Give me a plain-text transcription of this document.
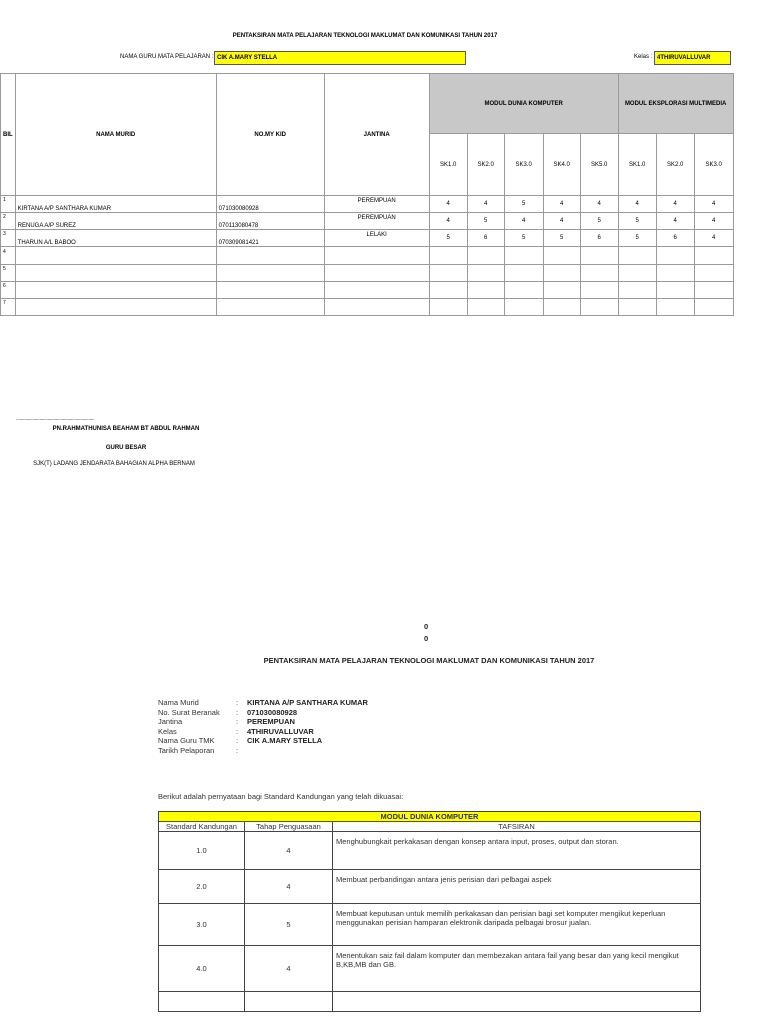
PENTAKSIRAN MATA PELAJARAN TEKNOLOGI MAKLUMAT DAN KOMUNIKASI TAHUN 2017
NAMA GURU MATA PELAJARAN : CIK A.MARY STELLA	Kelas : 4THIRUVALLUVAR
BIL	NAMA MURID	NO.MY KID	JANTINA	MODUL DUNIA KOMPUTER					MODUL EKSPLORASI MULTIMEDIA		
				SK1.0	SK2.0	SK3.0	SK4.0	SK5.0	SK1.0	SK2.0	SK3.0
$^1$	KIRTANA A/P SANTHARA KUMAR	071030080928	PEREMPUAN	4	4	5	4	4	4	4	4
$^2$	RENUGA A/P SUREZ	070113080478	PEREMPUAN	4	5	4	4	5	5	4	4
$^3$	THARUN A/L BABOO	070309081421	LELAKI	5	6	5	5	6	5	6	4
$^4$											
$^5$											
$^6$											
$^7$											
...................................................................
PN.RAHMATHUNISA BEAHAM BT ABDUL RAHMAN
GURU BESAR
SJK(T) LADANG JENDARATA BAHAGIAN ALPHA BERNAM
0
0
PENTAKSIRAN MATA PELAJARAN TEKNOLOGI MAKLUMAT DAN KOMUNIKASI TAHUN 2017
Nama Murid	: KIRTANA A/P SANTHARA KUMAR
No. Surat Beranak : 071030080928
Jantina	: PEREMPUAN
Kelas	: 4THIRUVALLUVAR
Nama Guru TMK	: CIK A.MARY STELLA
Tarikh Pelaporan	:
Berikut adalah pernyataan bagi Standard Kandungan yang telah dikuasai:
MODUL DUNIA KOMPUTER		
Standard Kandungan	Tahap Penguasaan	TAFSIRAN
1.0	4	Menghubungkait perkakasan dengan konsep antara input, proses, output dan storan.
2.0	4	Membuat perbandingan antara jenis perisian dari pelbagai aspek
3.0	5	Membuat keputusan untuk memilih perkakasan dan perisian bagi set komputer mengikut keperluan menggunakan perisian hamparan elektronik daripada pelbagai brosur jualan.
4.0	4	Menentukan saiz fail dalam komputer dan membezakan antara fail yang besar dan yang kecil mengikut B,KB,MB dan GB.
